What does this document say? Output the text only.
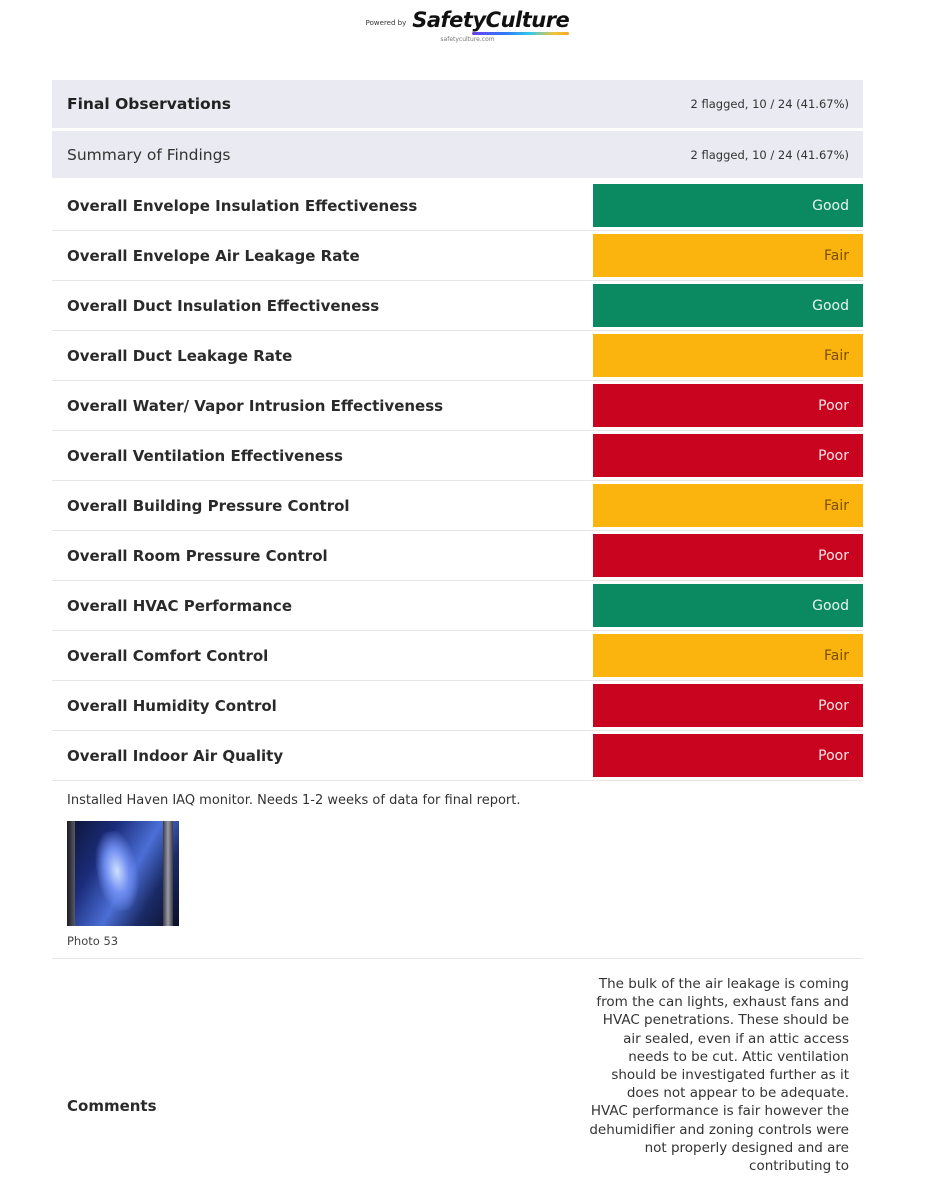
Powered by SafetyCulture
safetyculture.com
Final Observations	2 flagged, 10 / 24 (41.67%)
Summary of Findings	2 flagged, 10 / 24 (41.67%)
Overall Envelope Insulation Effectiveness	Good
Overall Envelope Air Leakage Rate	Fair
Overall Duct Insulation Effectiveness	Good
Overall Duct Leakage Rate	Fair
Overall Water/ Vapor Intrusion Effectiveness	Poor
Overall Ventilation Effectiveness	Poor
Overall Building Pressure Control	Fair
Overall Room Pressure Control	Poor
Overall HVAC Performance	Good
Overall Comfort Control	Fair
Overall Humidity Control	Poor
Overall Indoor Air Quality	Poor
Installed Haven IAQ monitor. Needs 1-2 weeks of data for final report.
Photo 53
Comments
The bulk of the air leakage is coming from the can lights, exhaust fans and HVAC penetrations. These should be air sealed, even if an attic access needs to be cut. Attic ventilation should be investigated further as it does not appear to be adequate. HVAC performance is fair however the dehumidifier and zoning controls were not properly designed and are contributing to
